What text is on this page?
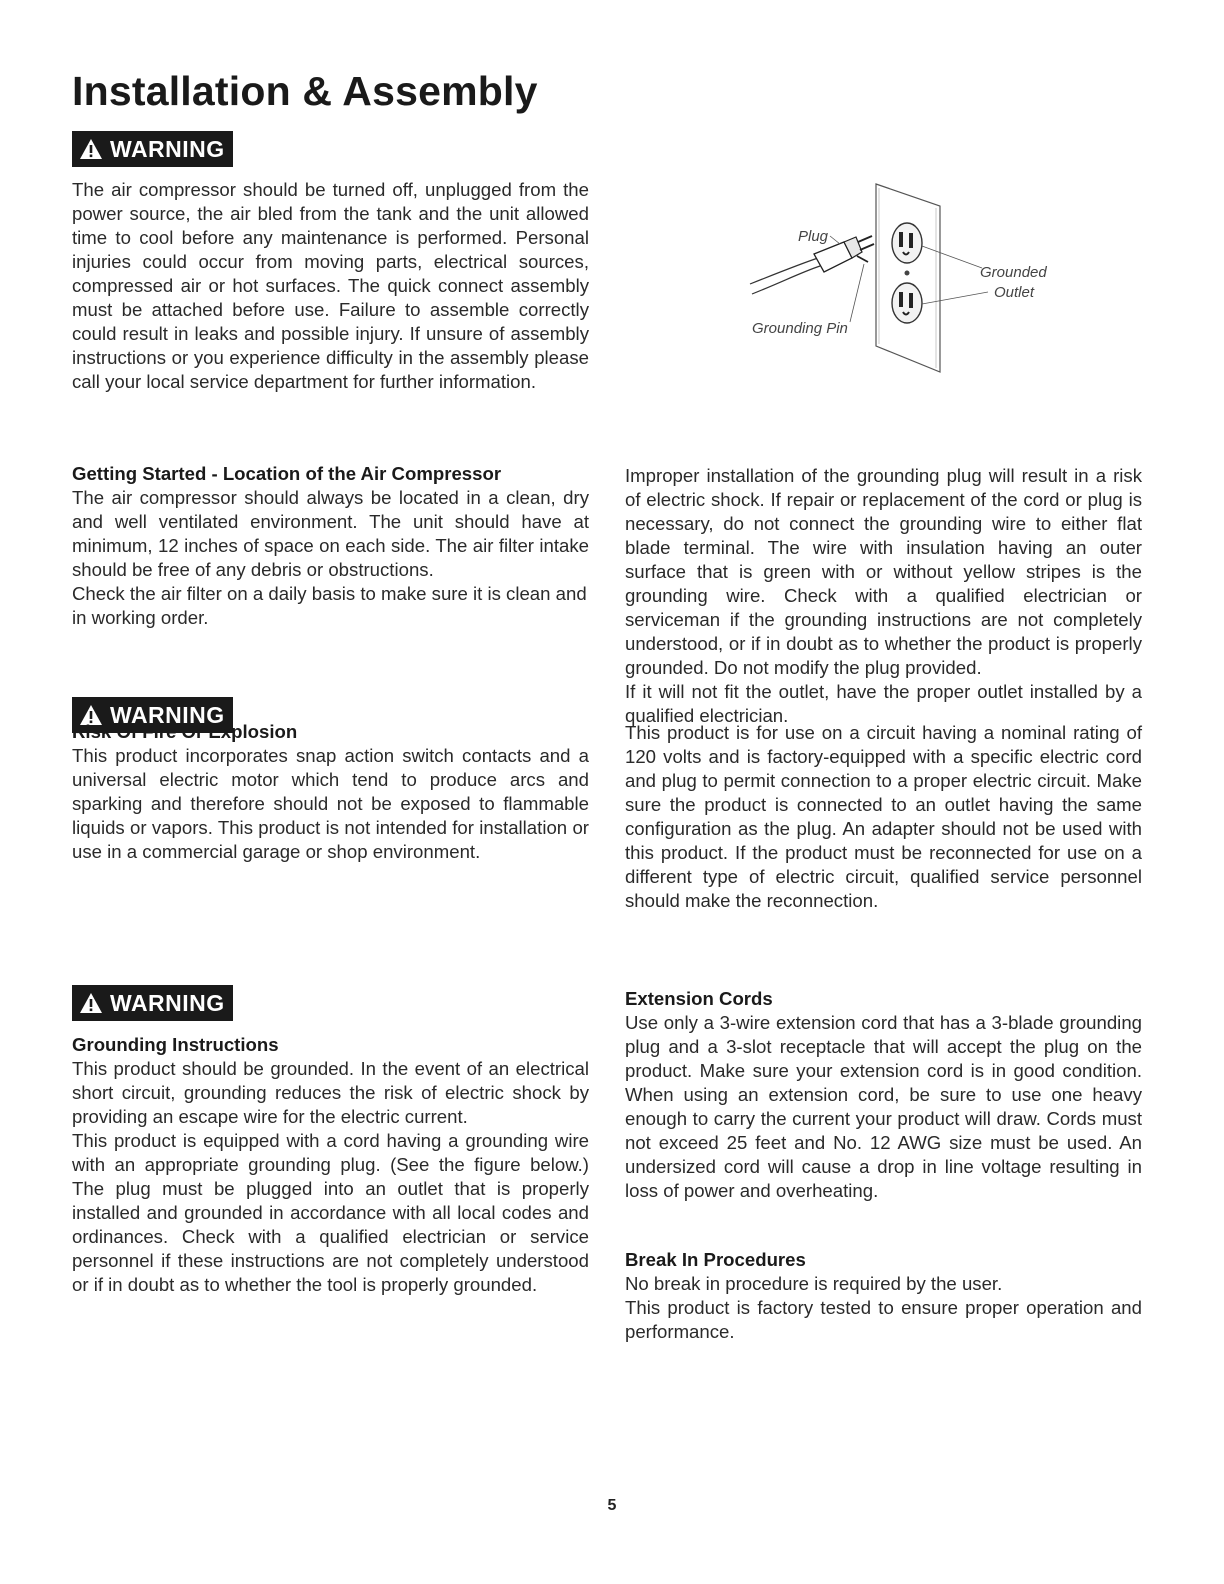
Installation & Assembly
WARNING

The air compressor should be turned off, unplugged from the power source, the air bled from the tank and the unit allowed time to cool before any maintenance is performed. Personal injuries could occur from moving parts, electrical sources, compressed air or hot surfaces. The quick connect assembly must be attached before use. Failure to assemble correctly could result in leaks and possible injury. If unsure of assembly instructions or you experience difficulty in the assembly please call your local service department for further information.

Plug
Grounded
Outlet
Grounding Pin

Getting Started - Location of the Air Compressor

The air compressor should always be located in a clean, dry and well ventilated environment. The unit should have at minimum, 12 inches of space on each side. The air filter intake should be free of any debris or obstructions.

Check the air filter on a daily basis to make sure it is clean and in working order.

WARNING

Risk Of Fire Or Explosion

This product incorporates snap action switch contacts and a universal electric motor which tend to produce arcs and sparking and therefore should not be exposed to flammable liquids or vapors. This product is not intended for installation or use in a commercial garage or shop environment.

WARNING

Grounding Instructions

This product should be grounded. In the event of an electrical short circuit, grounding reduces the risk of electric shock by providing an escape wire for the electric current.

This product is equipped with a cord having a grounding wire with an appropriate grounding plug. (See the figure below.) The plug must be plugged into an outlet that is properly installed and grounded in accordance with all local codes and ordinances. Check with a qualified electrician or service personnel if these instructions are not completely understood or if in doubt as to whether the tool is properly grounded.

Improper installation of the grounding plug will result in a risk of electric shock. If repair or replacement of the cord or plug is necessary, do not connect the grounding wire to either flat blade terminal. The wire with insulation having an outer surface that is green with or without yellow stripes is the grounding wire. Check with a qualified electrician or serviceman if the grounding instructions are not completely understood, or if in doubt as to whether the product is properly grounded. Do not modify the plug provided.

If it will not fit the outlet, have the proper outlet installed by a qualified electrician.

This product is for use on a circuit having a nominal rating of 120 volts and is factory-equipped with a specific electric cord and plug to permit connection to a proper electric circuit. Make sure the product is connected to an outlet having the same configuration as the plug. An adapter should not be used with this product. If the product must be reconnected for use on a different type of electric circuit, qualified service personnel should make the reconnection.

Extension Cords

Use only a 3-wire extension cord that has a 3-blade grounding plug and a 3-slot receptacle that will accept the plug on the product. Make sure your extension cord is in good condition. When using an extension cord, be sure to use one heavy enough to carry the current your product will draw. Cords must not exceed 25 feet and No. 12 AWG size must be used. An undersized cord will cause a drop in line voltage resulting in loss of power and overheating.

Break In Procedures

No break in procedure is required by the user.

This product is factory tested to ensure proper operation and performance.

5
